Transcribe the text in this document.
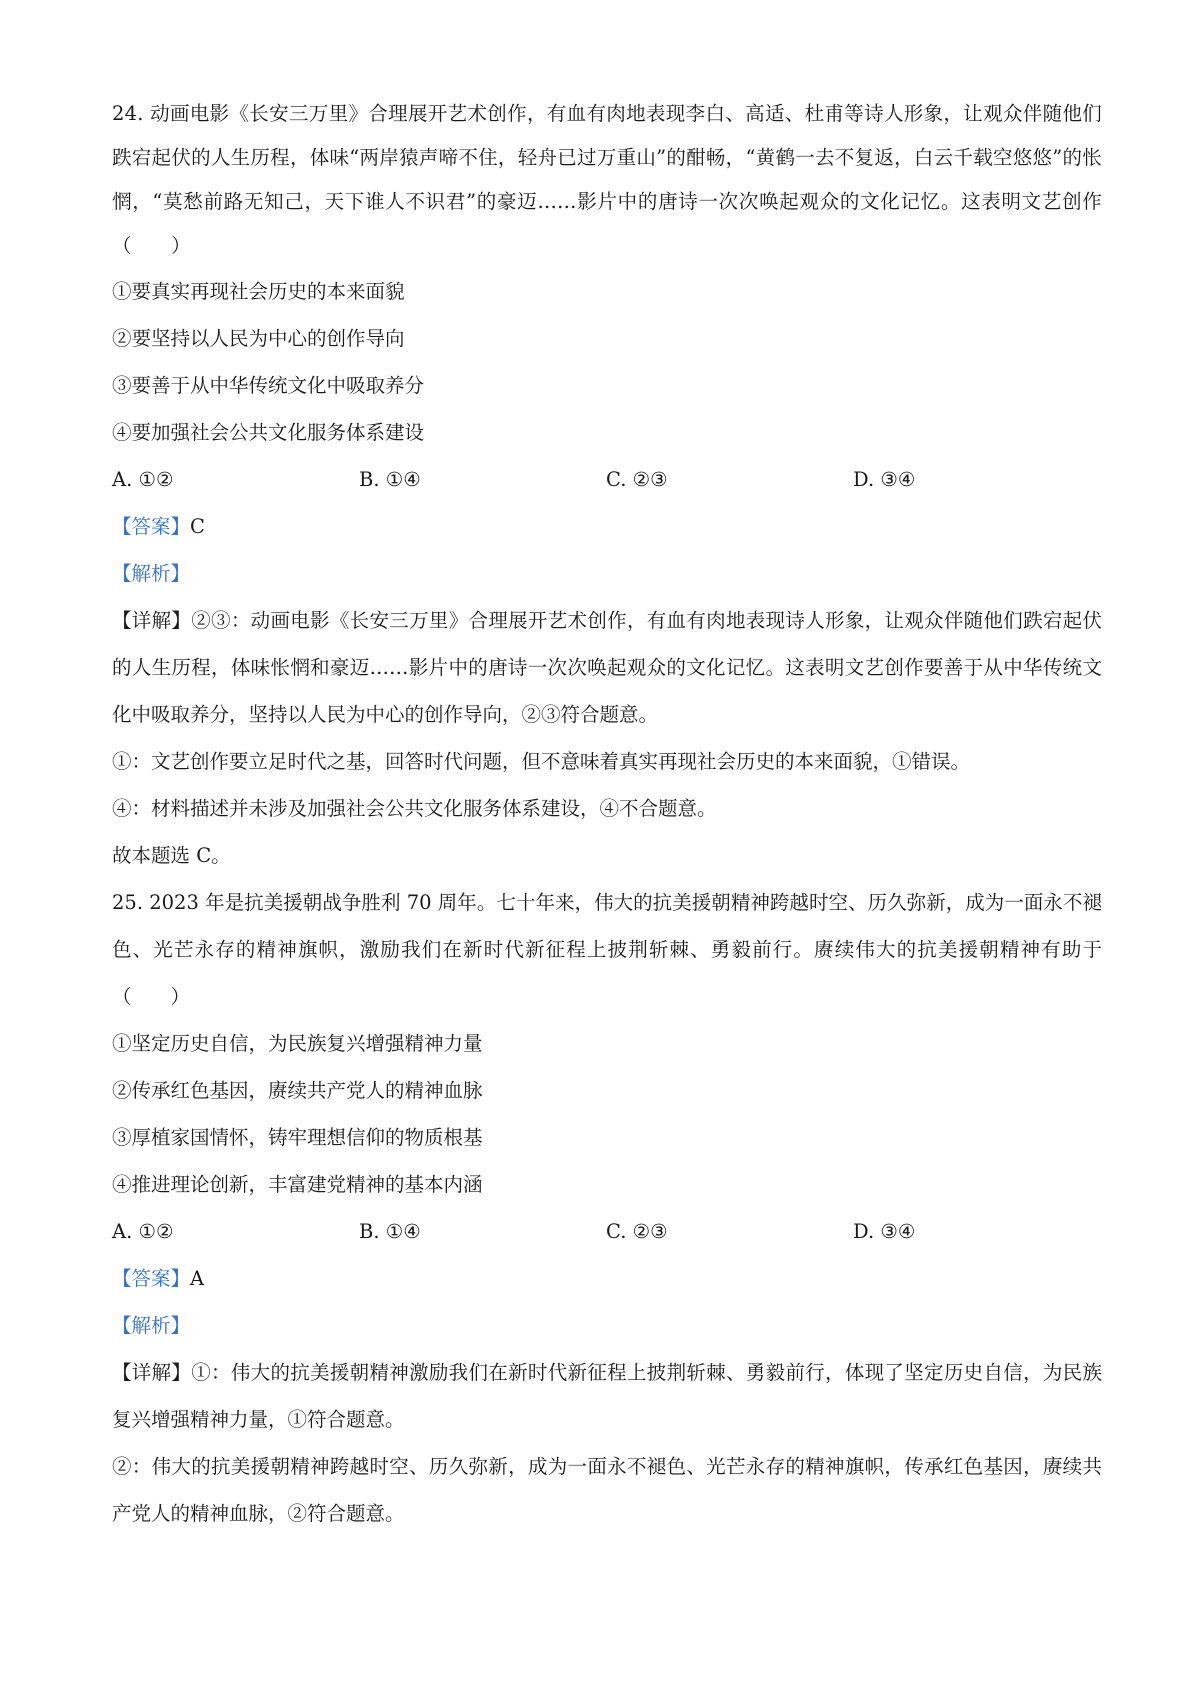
24. 动画电影《长安三万里》合理展开艺术创作，有血有肉地表现李白、高适、杜甫等诗人形象，让观众伴随他们跌宕起伏的人生历程，体味“两岸猿声啼不住，轻舟已过万重山”的酣畅，“黄鹤一去不复返，白云千载空悠悠”的怅惘，“莫愁前路无知己，天下谁人不识君”的豪迈……影片中的唐诗一次次唤起观众的文化记忆。这表明文艺创作（　　）

①要真实再现社会历史的本来面貌

②要坚持以人民为中心的创作导向

③要善于从中华传统文化中吸取养分

④要加强社会公共文化服务体系建设

A. ①②	B. ①④	C. ②③	D. ③④

【答案】C

【解析】

【详解】②③：动画电影《长安三万里》合理展开艺术创作，有血有肉地表现诗人形象，让观众伴随他们跌宕起伏的人生历程，体味怅惘和豪迈……影片中的唐诗一次次唤起观众的文化记忆。这表明文艺创作要善于从中华传统文化中吸取养分，坚持以人民为中心的创作导向，②③符合题意。

①：文艺创作要立足时代之基，回答时代问题，但不意味着真实再现社会历史的本来面貌，①错误。

④：材料描述并未涉及加强社会公共文化服务体系建设，④不合题意。

故本题选 C。

25. 2023 年是抗美援朝战争胜利 70 周年。七十年来，伟大的抗美援朝精神跨越时空、历久弥新，成为一面永不褪色、光芒永存的精神旗帜，激励我们在新时代新征程上披荆斩棘、勇毅前行。赓续伟大的抗美援朝精神有助于（　　）

①坚定历史自信，为民族复兴增强精神力量

②传承红色基因，赓续共产党人的精神血脉

③厚植家国情怀，铸牢理想信仰的物质根基

④推进理论创新，丰富建党精神的基本内涵

A. ①②	B. ①④	C. ②③	D. ③④

【答案】A

【解析】

【详解】①：伟大的抗美援朝精神激励我们在新时代新征程上披荆斩棘、勇毅前行，体现了坚定历史自信，为民族复兴增强精神力量，①符合题意。

②：伟大的抗美援朝精神跨越时空、历久弥新，成为一面永不褪色、光芒永存的精神旗帜，传承红色基因，赓续共产党人的精神血脉，②符合题意。
